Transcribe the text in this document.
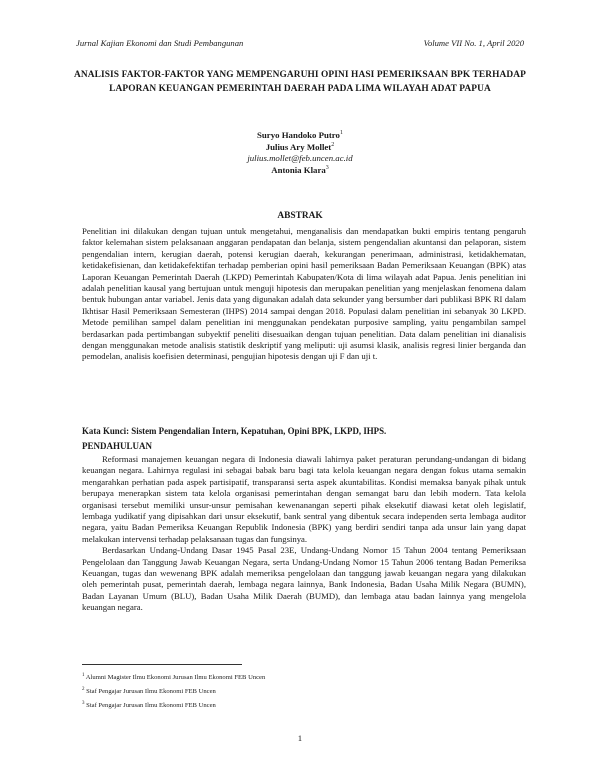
Jurnal Kajian Ekonomi dan Studi Pembangunan	Volume VII No. 1, April 2020
ANALISIS FAKTOR-FAKTOR YANG MEMPENGARUHI OPINI HASI PEMERIKSAAN BPK TERHADAP LAPORAN KEUANGAN PEMERINTAH DAERAH PADA LIMA WILAYAH ADAT PAPUA
Suryo Handoko Putro$^1$
Julius Ary Mollet$^2$
julius.mollet@feb.uncen.ac.id
Antonia Klara$^3$
ABSTRAK
Penelitian ini dilakukan dengan tujuan untuk mengetahui, menganalisis dan mendapatkan bukti empiris tentang pengaruh faktor kelemahan sistem pelaksanaan anggaran pendapatan dan belanja, sistem pengendalian akuntansi dan pelaporan, sistem pengendalian intern, kerugian daerah, potensi kerugian daerah, kekurangan penerimaan, administrasi, ketidakhematan, ketidakefisienan, dan ketidakefektifan terhadap pemberian opini hasil pemeriksaan Badan Pemeriksaan Keuangan (BPK) atas Laporan Keuangan Pemerintah Daerah (LKPD) Pemerintah Kabupaten/Kota di lima wilayah adat Papua. Jenis penelitian ini adalah penelitian kausal yang bertujuan untuk menguji hipotesis dan merupakan penelitian yang menjelaskan fenomena dalam bentuk hubungan antar variabel. Jenis data yang digunakan adalah data sekunder yang bersumber dari publikasi BPK RI dalam Ikhtisar Hasil Pemeriksaan Semesteran (IHPS) 2014 sampai dengan 2018. Populasi dalam penelitian ini sebanyak 30 LKPD. Metode pemilihan sampel dalam penelitian ini menggunakan pendekatan purposive sampling, yaitu pengambilan sampel berdasarkan pada pertimbangan subyektif peneliti disesuaikan dengan tujuan penelitian. Data dalam penelitian ini dianalisis dengan menggunakan metode analisis statistik deskriptif yang meliputi: uji asumsi klasik, analisis regresi linier berganda dan pemodelan, analisis koefisien determinasi, pengujian hipotesis dengan uji F dan uji t.
Kata Kunci: Sistem Pengendalian Intern, Kepatuhan, Opini BPK, LKPD, IHPS.
PENDAHULUAN

Reformasi manajemen keuangan negara di Indonesia diawali lahirnya paket peraturan perundang-undangan di bidang keuangan negara. Lahirnya regulasi ini sebagai babak baru bagi tata kelola keuangan negara dengan fokus utama semakin mengarahkan perhatian pada aspek partisipatif, transparansi serta aspek akuntabilitas. Kondisi memaksa banyak pihak untuk berupaya menerapkan sistem tata kelola organisasi pemerintahan dengan semangat baru dan lebih modern. Tata kelola organisasi tersebut memiliki unsur-unsur pemisahan kewenanangan seperti pihak eksekutif diawasi ketat oleh legislatif, lembaga yudikatif yang dipisahkan dari unsur eksekutif, bank sentral yang dibentuk secara independen serta lembaga auditor negara, yaitu Badan Pemeriksa Keuangan Republik Indonesia (BPK) yang berdiri sendiri tanpa ada unsur lain yang dapat melakukan intervensi terhadap pelaksanaan tugas dan fungsinya.

Berdasarkan Undang-Undang Dasar 1945 Pasal 23E, Undang-Undang Nomor 15 Tahun 2004 tentang Pemeriksaan Pengelolaan dan Tanggung Jawab Keuangan Negara, serta Undang-Undang Nomor 15 Tahun 2006 tentang Badan Pemeriksa Keuangan, tugas dan wewenang BPK adalah memeriksa pengelolaan dan tanggung jawab keuangan negara yang dilakukan oleh pemerintah pusat, pemerintah daerah, lembaga negara lainnya, Bank Indonesia, Badan Usaha Milik Negara (BUMN), Badan Layanan Umum (BLU), Badan Usaha Milik Daerah (BUMD), dan lembaga atau badan lainnya yang mengelola keuangan negara.

$^1$ Alumni Magister Ilmu Ekonomi Jurusan Ilmu Ekonomi FEB Uncen
$^2$ Staf Pengajar Jurusan Ilmu Ekonomi FEB Uncen
$^3$ Staf Pengajar Jurusan Ilmu Ekonomi FEB Uncen
1
